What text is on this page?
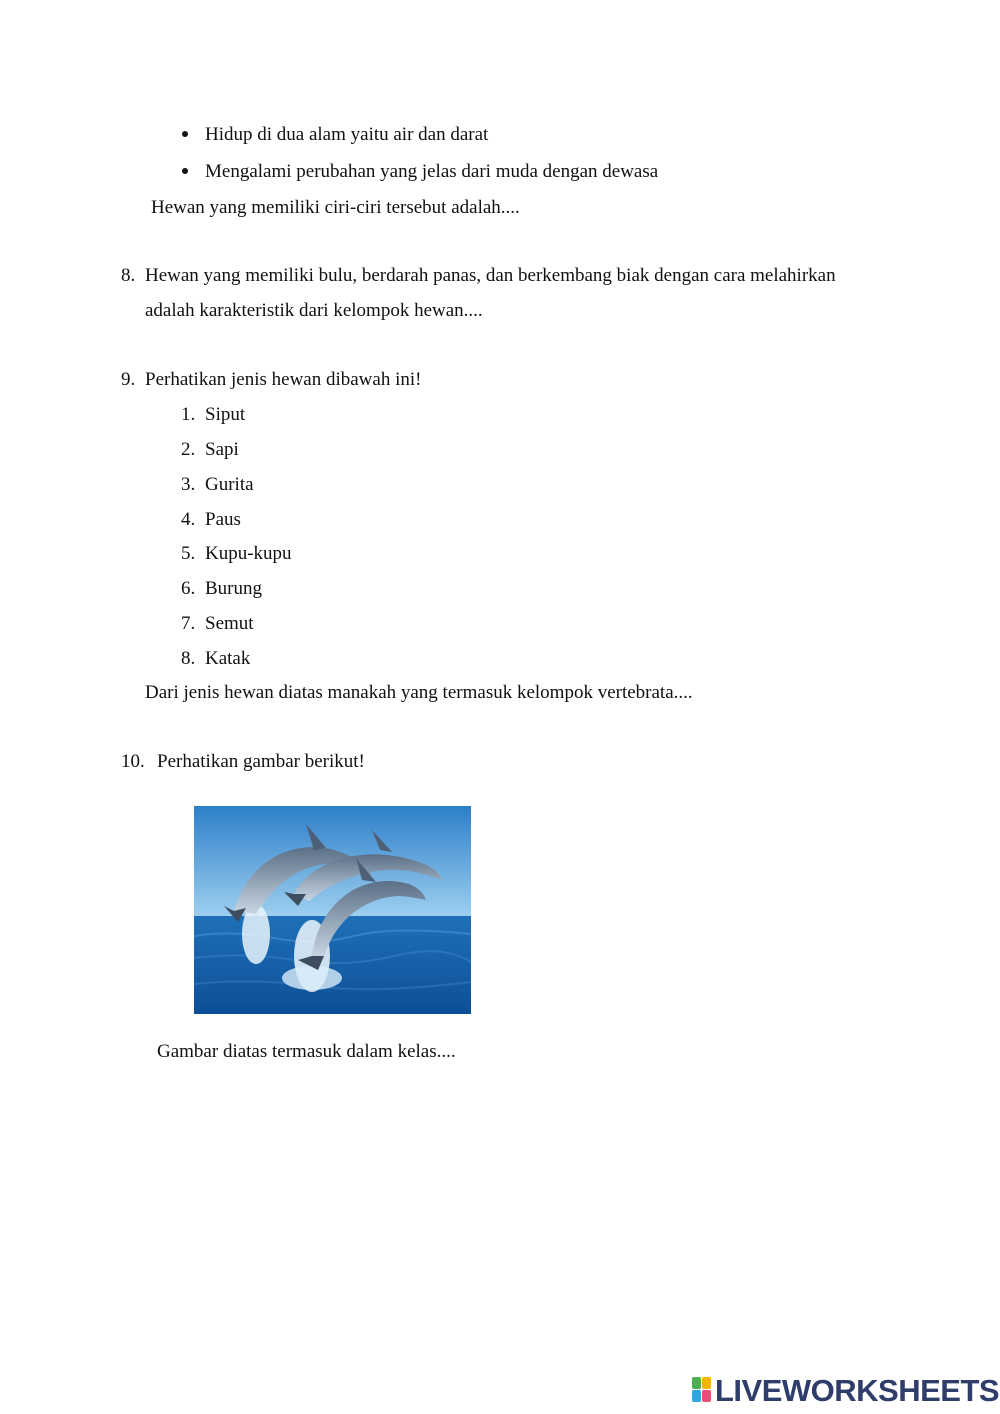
Hidup di dua alam yaitu air dan darat
Mengalami perubahan yang jelas dari muda dengan dewasa
Hewan yang memiliki ciri-ciri tersebut adalah....
8. Hewan yang memiliki bulu, berdarah panas, dan berkembang biak dengan cara melahirkan
adalah karakteristik dari kelompok hewan....
9. Perhatikan jenis hewan dibawah ini!
1. Siput
2. Sapi
3. Gurita
4. Paus
5. Kupu-kupu
6. Burung
7. Semut
8. Katak
Dari jenis hewan diatas manakah yang termasuk kelompok vertebrata....
10. Perhatikan gambar berikut!
Gambar diatas termasuk dalam kelas....
LIVEWORKSHEETS
